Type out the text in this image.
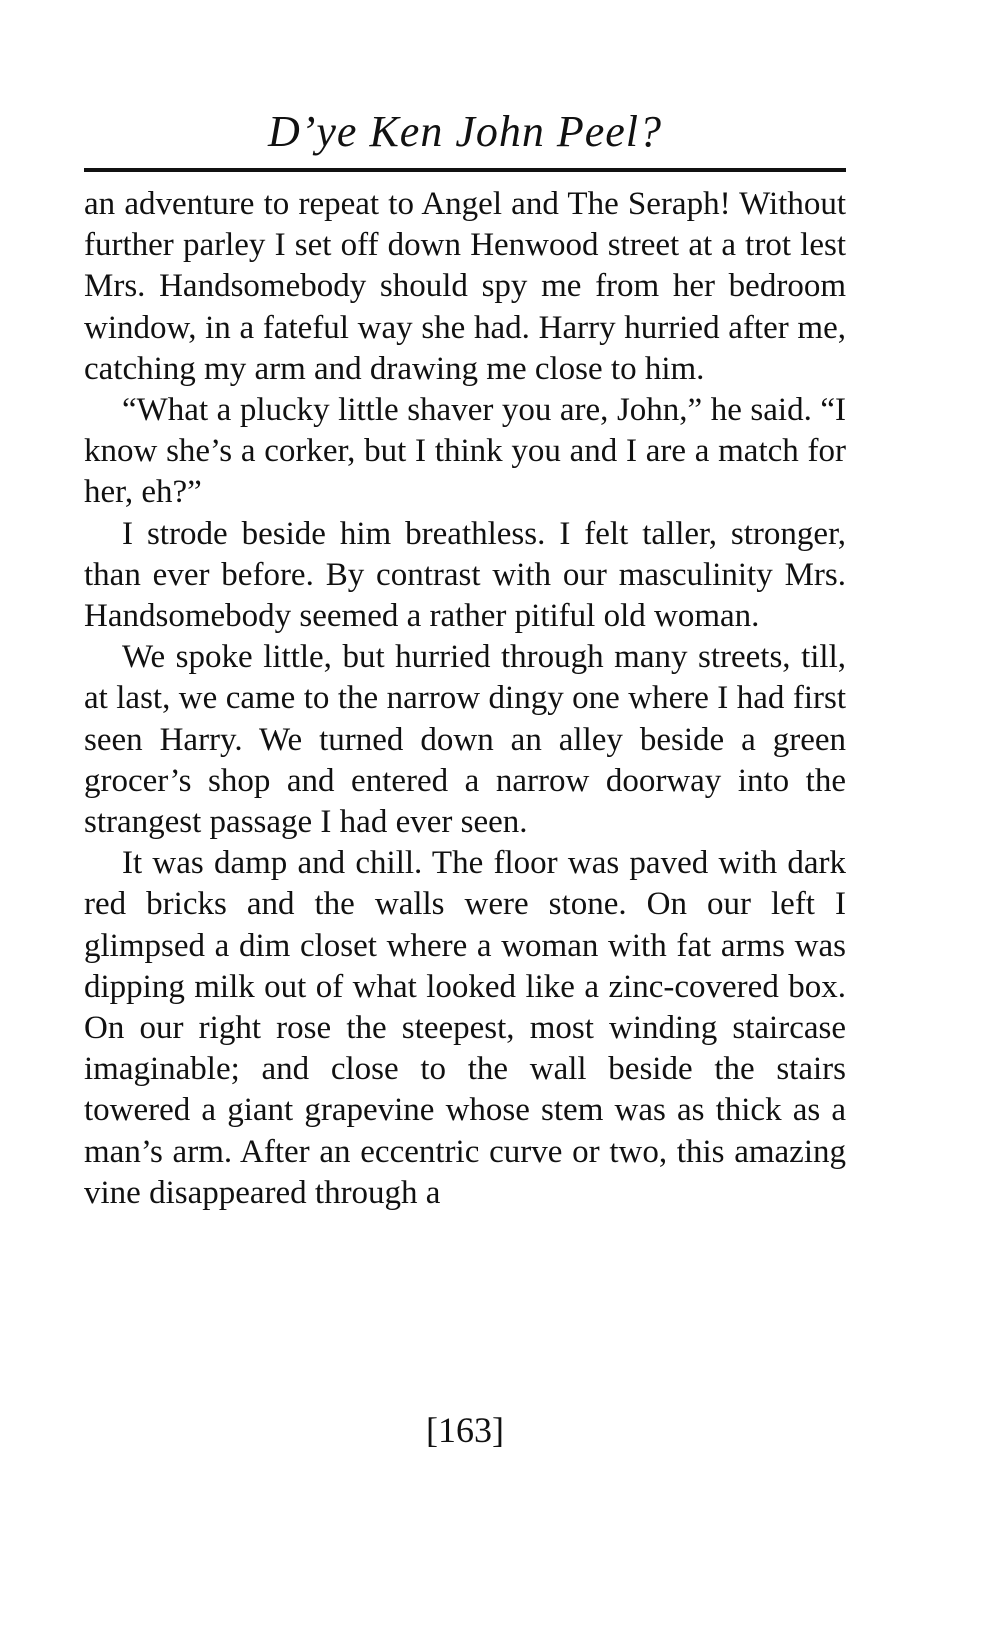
D’ye Ken John Peel?

an adventure to repeat to Angel and The Seraph! Without further parley I set off down Henwood street at a trot lest Mrs. Handsomebody should spy me from her bedroom window, in a fateful way she had. Harry hurried after me, catching my arm and drawing me close to him.

“What a plucky little shaver you are, John,” he said. “I know she’s a corker, but I think you and I are a match for her, eh?”

I strode beside him breathless. I felt taller, stronger, than ever before. By contrast with our masculinity Mrs. Handsomebody seemed a rather pitiful old woman.

We spoke little, but hurried through many streets, till, at last, we came to the narrow dingy one where I had first seen Harry. We turned down an alley beside a green grocer’s shop and entered a narrow doorway into the strangest passage I had ever seen.

It was damp and chill. The floor was paved with dark red bricks and the walls were stone. On our left I glimpsed a dim closet where a woman with fat arms was dipping milk out of what looked like a zinc-covered box. On our right rose the steepest, most winding staircase imaginable; and close to the wall beside the stairs towered a giant grapevine whose stem was as thick as a man’s arm. After an eccentric curve or two, this amazing vine disappeared through a

[163]
